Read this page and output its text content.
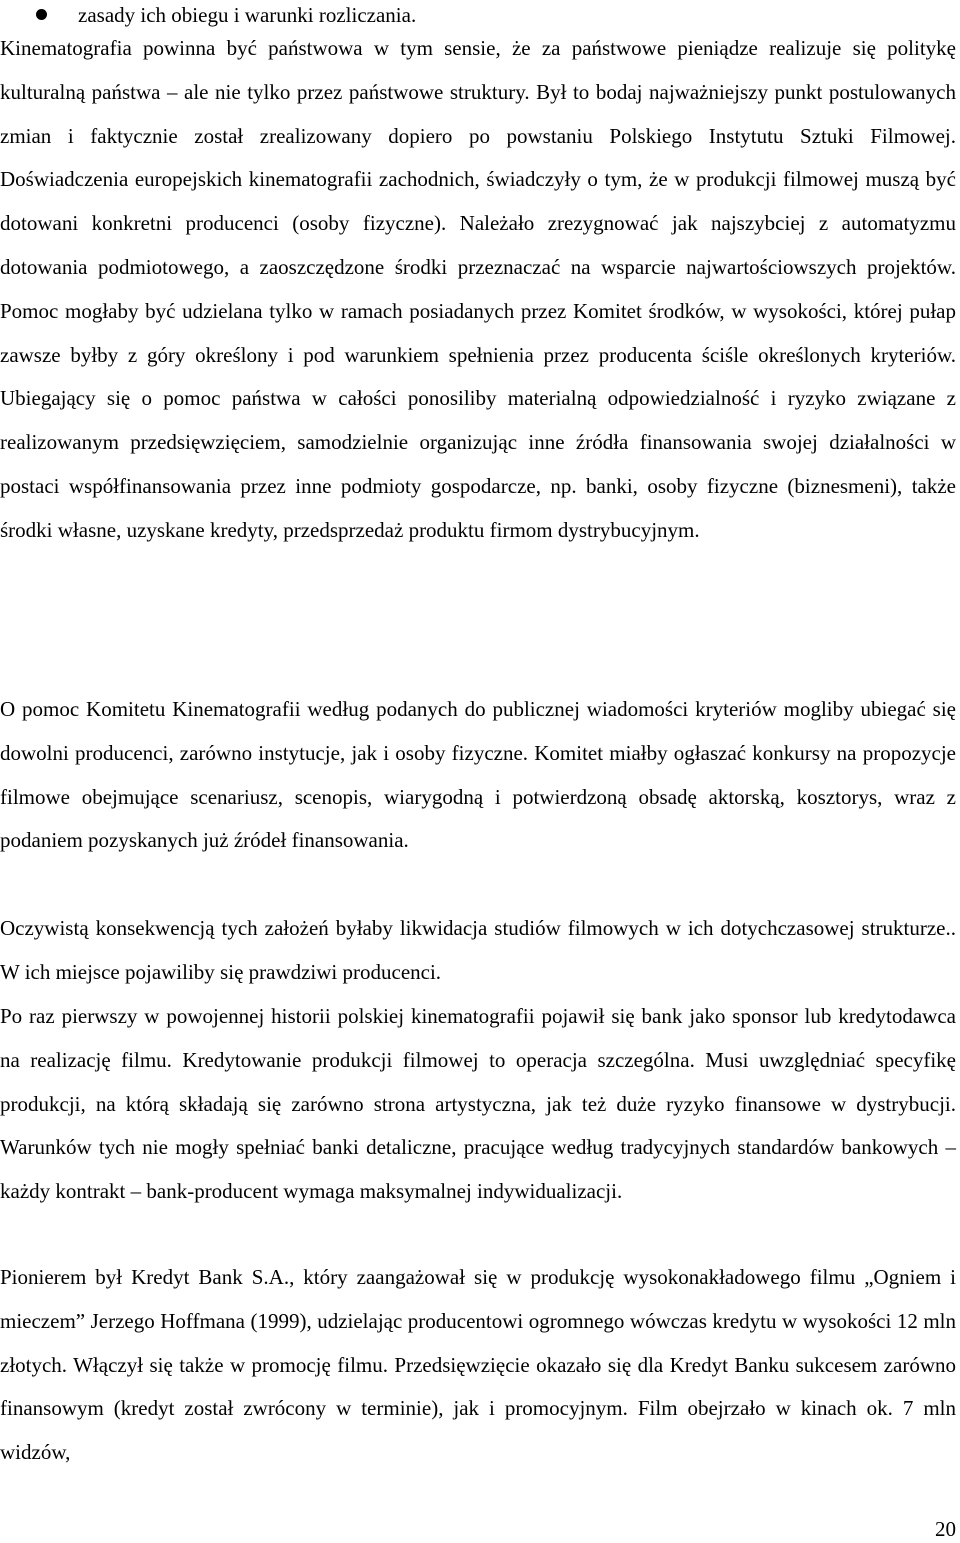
zasady ich obiegu i warunki rozliczania.

Kinematografia powinna być państwowa w tym sensie, że za państwowe pieniądze realizuje się politykę kulturalną państwa – ale nie tylko przez państwowe struktury. Był to bodaj najważniejszy punkt postulowanych zmian i faktycznie został zrealizowany dopiero po powstaniu Polskiego Instytutu Sztuki Filmowej. Doświadczenia europejskich kinematografii zachodnich, świadczyły o tym, że w produkcji filmowej muszą być dotowani konkretni producenci (osoby fizyczne). Należało zrezygnować jak najszybciej z automatyzmu dotowania podmiotowego, a zaoszczędzone środki przeznaczać na wsparcie najwartościowszych projektów. Pomoc mogłaby być udzielana tylko w ramach posiadanych przez Komitet środków, w wysokości, której pułap zawsze byłby z góry określony i pod warunkiem spełnienia przez producenta ściśle określonych kryteriów. Ubiegający się o pomoc państwa w całości ponosiliby materialną odpowiedzialność i ryzyko związane z realizowanym przedsięwzięciem, samodzielnie organizując inne źródła finansowania swojej działalności w postaci współfinansowania przez inne podmioty gospodarcze, np. banki, osoby fizyczne (biznesmeni), także środki własne, uzyskane kredyty, przedsprzedaż produktu firmom dystrybucyjnym.

O pomoc Komitetu Kinematografii według podanych do publicznej wiadomości kryteriów mogliby ubiegać się dowolni producenci, zarówno instytucje, jak i osoby fizyczne. Komitet miałby ogłaszać konkursy na propozycje filmowe obejmujące scenariusz, scenopis, wiarygodną i potwierdzoną obsadę aktorską, kosztorys, wraz z podaniem pozyskanych już źródeł finansowania.

Oczywistą konsekwencją tych założeń byłaby likwidacja studiów filmowych w ich dotychczasowej strukturze.. W ich miejsce pojawiliby się prawdziwi producenci.

Po raz pierwszy w powojennej historii polskiej kinematografii pojawił się bank jako sponsor lub kredytodawca na realizację filmu. Kredytowanie produkcji filmowej to operacja szczególna. Musi uwzględniać specyfikę produkcji, na którą składają się zarówno strona artystyczna, jak też duże ryzyko finansowe w dystrybucji. Warunków tych nie mogły spełniać banki detaliczne, pracujące według tradycyjnych standardów bankowych – każdy kontrakt – bank-producent wymaga maksymalnej indywidualizacji.

Pionierem był Kredyt Bank S.A., który zaangażował się w produkcję wysokonakładowego filmu „Ogniem i mieczem” Jerzego Hoffmana (1999), udzielając producentowi ogromnego wówczas kredytu w wysokości 12 mln złotych. Włączył się także w promocję filmu. Przedsięwzięcie okazało się dla Kredyt Banku sukcesem zarówno finansowym (kredyt został zwrócony w terminie), jak i promocyjnym. Film obejrzało w kinach ok. 7 mln widzów,

20
